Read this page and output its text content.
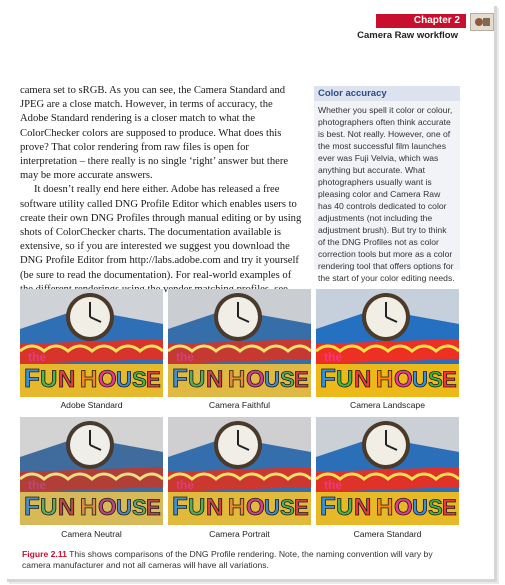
Chapter 2
Camera Raw workflow

camera set to sRGB. As you can see, the Camera Standard and JPEG are a close match. However, in terms of accuracy, the Adobe Standard rendering is a closer match to what the ColorChecker colors are supposed to produce. What does this prove? That color rendering from raw files is open for interpretation – there really is no single ‘right’ answer but there may be more accurate answers.

It doesn’t really end here either. Adobe has released a free software utility called DNG Profile Editor which enables users to create their own DNG Profiles through manual editing or by using shots of ColorChecker charts. The documentation available is extensive, so if you are interested we suggest you download the DNG Profile Editor from http://labs.adobe.com and try it yourself (be sure to read the documentation). For real-world examples of

Color accuracy
Whether you spell it color or colour, photographers often think accurate is best. Not really. However, one of the most successful film launches ever was Fuji Velvia, which was anything but accurate. What photographers usually want is pleasing color and Camera Raw has 40 controls dedicated to color adjustments (not including the adjustment brush). But try to think of the DNG Profiles not as color correction tools but more as a color rendering tool that offers options for the start of your color editing needs.
the
F U N H O U S E
the
F U N H O U S E
the
F U N H O U S E
Adobe Standard	Camera Faithful	Camera Landscape
the
F U N H O U S E
the
F U N H O U S E
the
F U N H O U S E
Camera Neutral	Camera Portrait	Camera Standard
Figure 2.11 This shows comparisons of the DNG Profile rendering. Note, the naming convention will vary by camera manufacturer and not all cameras will have all variations.
